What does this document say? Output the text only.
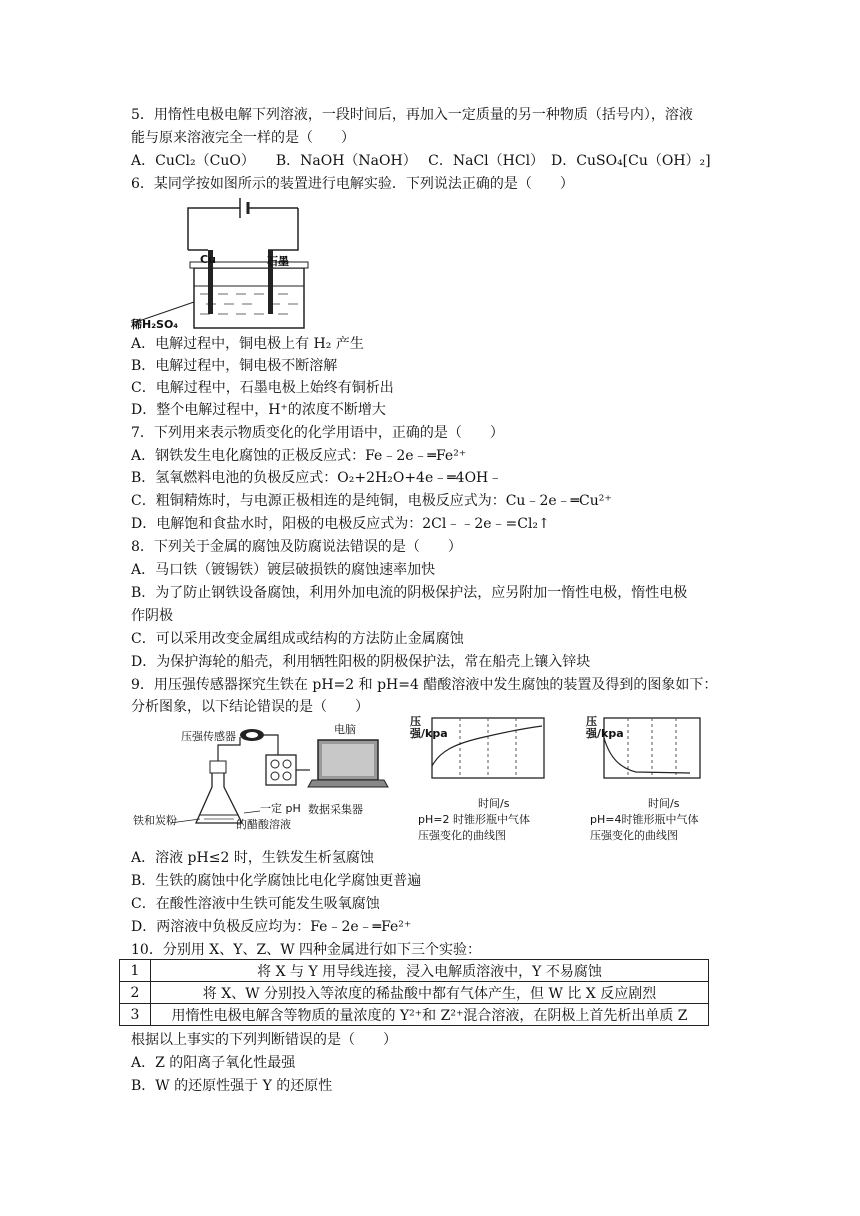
5．用惰性电极电解下列溶液，一段时间后，再加入一定质量的另一种物质（括号内），溶液
能与原来溶液完全一样的是（　　）
A．CuCl₂（CuO）　　B．NaOH（NaOH）　 C．NaCl（HCl）　D．CuSO₄[Cu（OH）₂]
6．某同学按如图所示的装置进行电解实验．下列说法正确的是（　　）
Cu	石墨
稀H₂SO₄
A．电解过程中，铜电极上有 H₂ 产生
B．电解过程中，铜电极不断溶解
C．电解过程中，石墨电极上始终有铜析出
D．整个电解过程中，H⁺的浓度不断增大
7．下列用来表示物质变化的化学用语中，正确的是（　　）
A．钢铁发生电化腐蚀的正极反应式：Fe﹣2e﹣═Fe²⁺
B．氢氧燃料电池的负极反应式：O₂+2H₂O+4e﹣═4OH﹣
C．粗铜精炼时，与电源正极相连的是纯铜，电极反应式为：Cu﹣2e﹣═Cu²⁺
D．电解饱和食盐水时，阳极的电极反应式为：2Cl﹣﹣2e﹣=Cl₂↑
8．下列关于金属的腐蚀及防腐说法错误的是（　　）
A．马口铁（镀锡铁）镀层破损铁的腐蚀速率加快
B．为了防止钢铁设备腐蚀，利用外加电流的阴极保护法，应另附加一惰性电极，惰性电极
作阴极
C．可以采用改变金属组成或结构的方法防止金属腐蚀
D．为保护海轮的船壳，利用牺牲阳极的阴极保护法，常在船壳上镶入锌块
9．用压强传感器探究生铁在 pH=2 和 pH=4 醋酸溶液中发生腐蚀的装置及得到的图象如下：
分析图象，以下结论错误的是（　　）
压强传感器
电脑
一定 pH
的醋酸溶液
铁和炭粉
数据采集器
压强/kpa
时间/s
pH=2 时锥形瓶中气体
压强变化的曲线图
压强/kpa
时间/s
pH=4时锥形瓶中气体
压强变化的曲线图
A．溶液 pH≤2 时，生铁发生析氢腐蚀
B．生铁的腐蚀中化学腐蚀比电化学腐蚀更普遍
C．在酸性溶液中生铁可能发生吸氧腐蚀
D．两溶液中负极反应均为：Fe﹣2e﹣═Fe²⁺
10．分别用 X、Y、Z、W 四种金属进行如下三个实验：
1	将 X 与 Y 用导线连接，浸入电解质溶液中，Y 不易腐蚀
2	将 X、W 分别投入等浓度的稀盐酸中都有气体产生，但 W 比 X 反应剧烈
3	用惰性电极电解含等物质的量浓度的 Y²⁺和 Z²⁺混合溶液，在阴极上首先析出单质 Z
根据以上事实的下列判断错误的是（　　）
A．Z 的阳离子氧化性最强
B．W 的还原性强于 Y 的还原性
